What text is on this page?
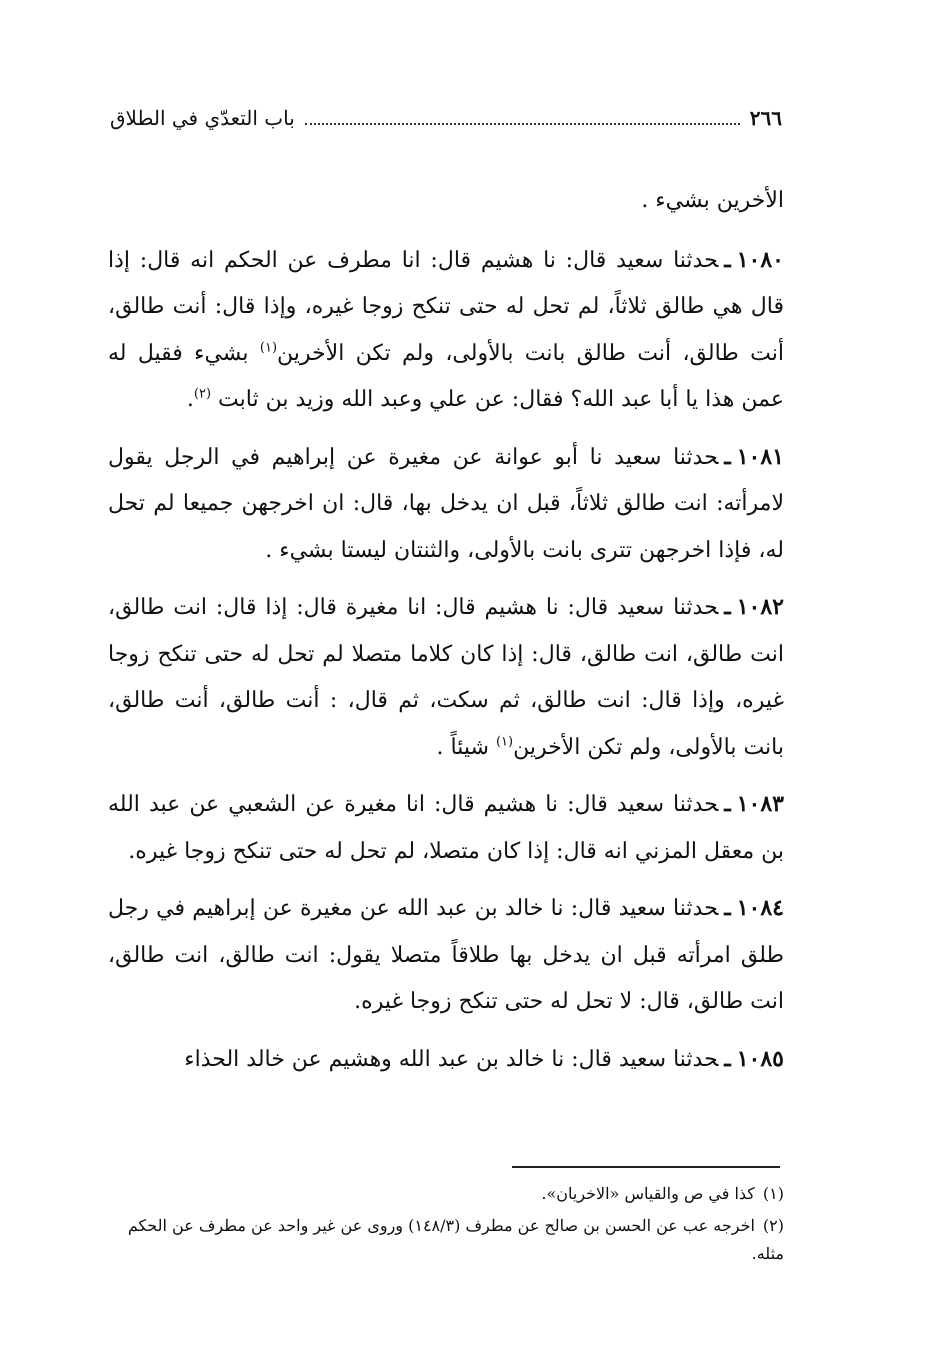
٢٦٦
باب التعدّي في الطلاق

الأخرين بشيء .

١٠٨٠ـحدثنا سعيد قال: نا هشيم قال: انا مطرف عن الحكم انه قال: إذا قال هي طالق ثلاثاً، لم تحل له حتى تنكح زوجا غيره، وإذا قال: أنت طالق، أنت طالق، أنت طالق بانت بالأولى، ولم تكن الأخرين$^{(١)}$ بشيء فقيل له عمن هذا يا أبا عبد الله؟ فقال: عن علي وعبد الله وزيد بن ثابت $^{(٢)}$.

١٠٨١ـحدثنا سعيد نا أبو عوانة عن مغيرة عن إبراهيم في الرجل يقول لامرأته: انت طالق ثلاثاً، قبل ان يدخل بها، قال: ان اخرجهن جميعا لم تحل له، فإذا اخرجهن تترى بانت بالأولى، والثنتان ليستا بشيء .

١٠٨٢ـحدثنا سعيد قال: نا هشيم قال: انا مغيرة قال: إذا قال: انت طالق، انت طالق، انت طالق، قال: إذا كان كلاما متصلا لم تحل له حتى تنكح زوجا غيره، وإذا قال: انت طالق، ثم سكت، ثم قال، : أنت طالق، أنت طالق، بانت بالأولى، ولم تكن الأخرين$^{(١)}$ شيئاً .

١٠٨٣ـحدثنا سعيد قال: نا هشيم قال: انا مغيرة عن الشعبي عن عبد الله بن معقل المزني انه قال: إذا كان متصلا، لم تحل له حتى تنكح زوجا غيره.

١٠٨٤ـحدثنا سعيد قال: نا خالد بن عبد الله عن مغيرة عن إبراهيم في رجل طلق امرأته قبل ان يدخل بها طلاقاً متصلا يقول: انت طالق، انت طالق، انت طالق، قال: لا تحل له حتى تنكح زوجا غيره.

١٠٨٥ـحدثنا سعيد قال: نا خالد بن عبد الله وهشيم عن خالد الحذاء

(١)كذا في ص والقياس «الاخريان».

(٢)اخرجه عب عن الحسن بن صالح عن مطرف (١٤٨/٣) وروى عن غير واحد عن مطرف عن الحكم مثله.
